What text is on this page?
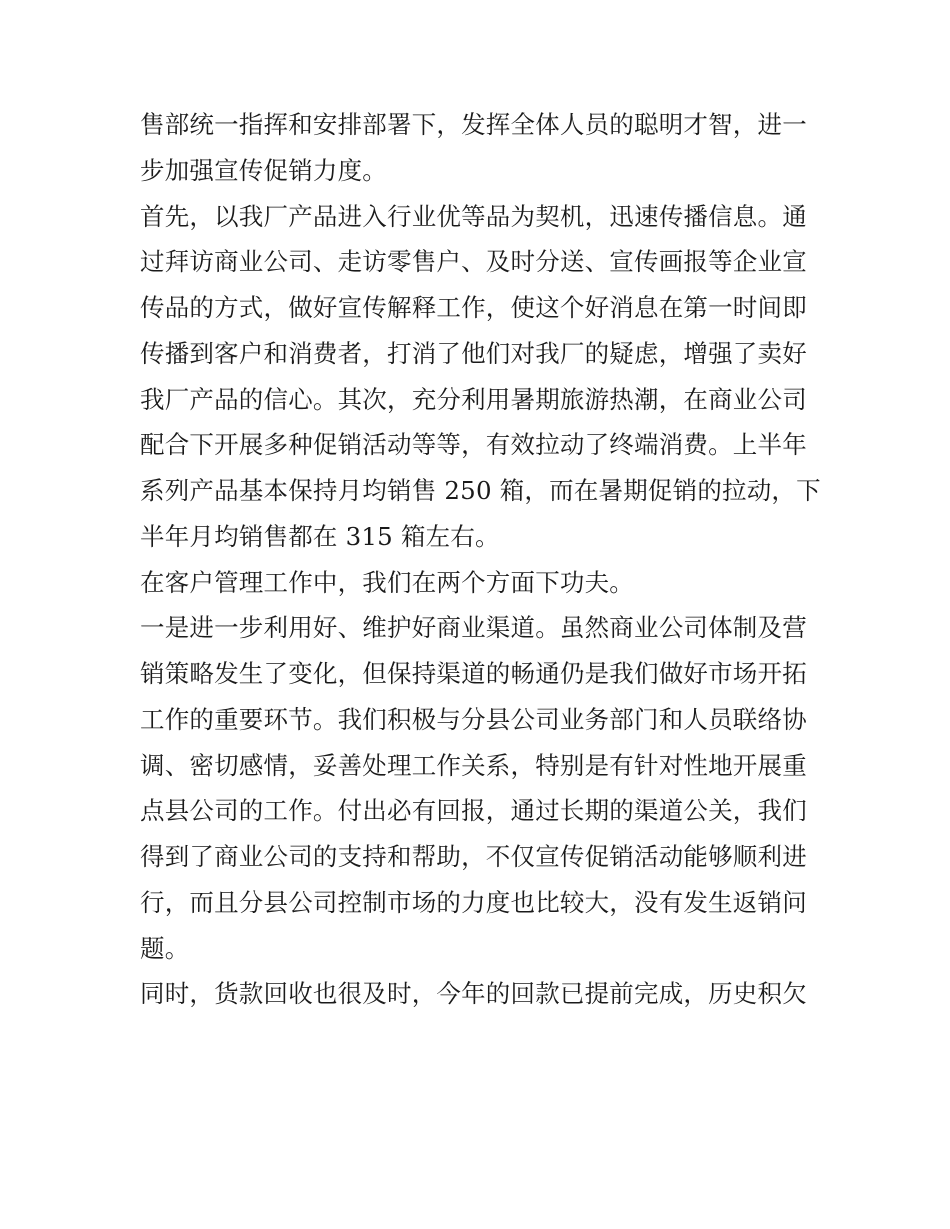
售部统一指挥和安排部署下，发挥全体人员的聪明才智，进一
步加强宣传促销力度。
首先，以我厂产品进入行业优等品为契机，迅速传播信息。通
过拜访商业公司、走访零售户、及时分送、宣传画报等企业宣
传品的方式，做好宣传解释工作，使这个好消息在第一时间即
传播到客户和消费者，打消了他们对我厂的疑虑，增强了卖好
我厂产品的信心。其次，充分利用暑期旅游热潮，在商业公司
配合下开展多种促销活动等等，有效拉动了终端消费。上半年
系列产品基本保持月均销售 250 箱，而在暑期促销的拉动，下
半年月均销售都在 315 箱左右。
在客户管理工作中，我们在两个方面下功夫。
一是进一步利用好、维护好商业渠道。虽然商业公司体制及营
销策略发生了变化，但保持渠道的畅通仍是我们做好市场开拓
工作的重要环节。我们积极与分县公司业务部门和人员联络协
调、密切感情，妥善处理工作关系，特别是有针对性地开展重
点县公司的工作。付出必有回报，通过长期的渠道公关，我们
得到了商业公司的支持和帮助，不仅宣传促销活动能够顺利进
行，而且分县公司控制市场的力度也比较大，没有发生返销问
题。
同时，货款回收也很及时，今年的回款已提前完成，历史积欠
